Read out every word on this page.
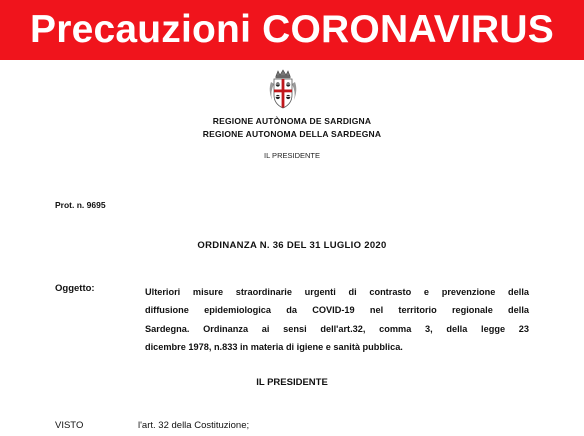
Precauzioni CORONAVIRUS
REGIONE AUTÒNOMA DE SARDIGNA
REGIONE AUTONOMA DELLA SARDEGNA
IL PRESIDENTE
Prot. n. 9695
ORDINANZA N. 36 DEL 31 LUGLIO 2020
Oggetto:	Ulteriori misure straordinarie urgenti di contrasto e prevenzione della
diffusione epidemiologica da COVID-19 nel territorio regionale della
Sardegna. Ordinanza ai sensi dell'art.32, comma 3, della legge 23
dicembre 1978, n.833 in materia di igiene e sanità pubblica.
IL PRESIDENTE
VISTO	l'art. 32 della Costituzione;
